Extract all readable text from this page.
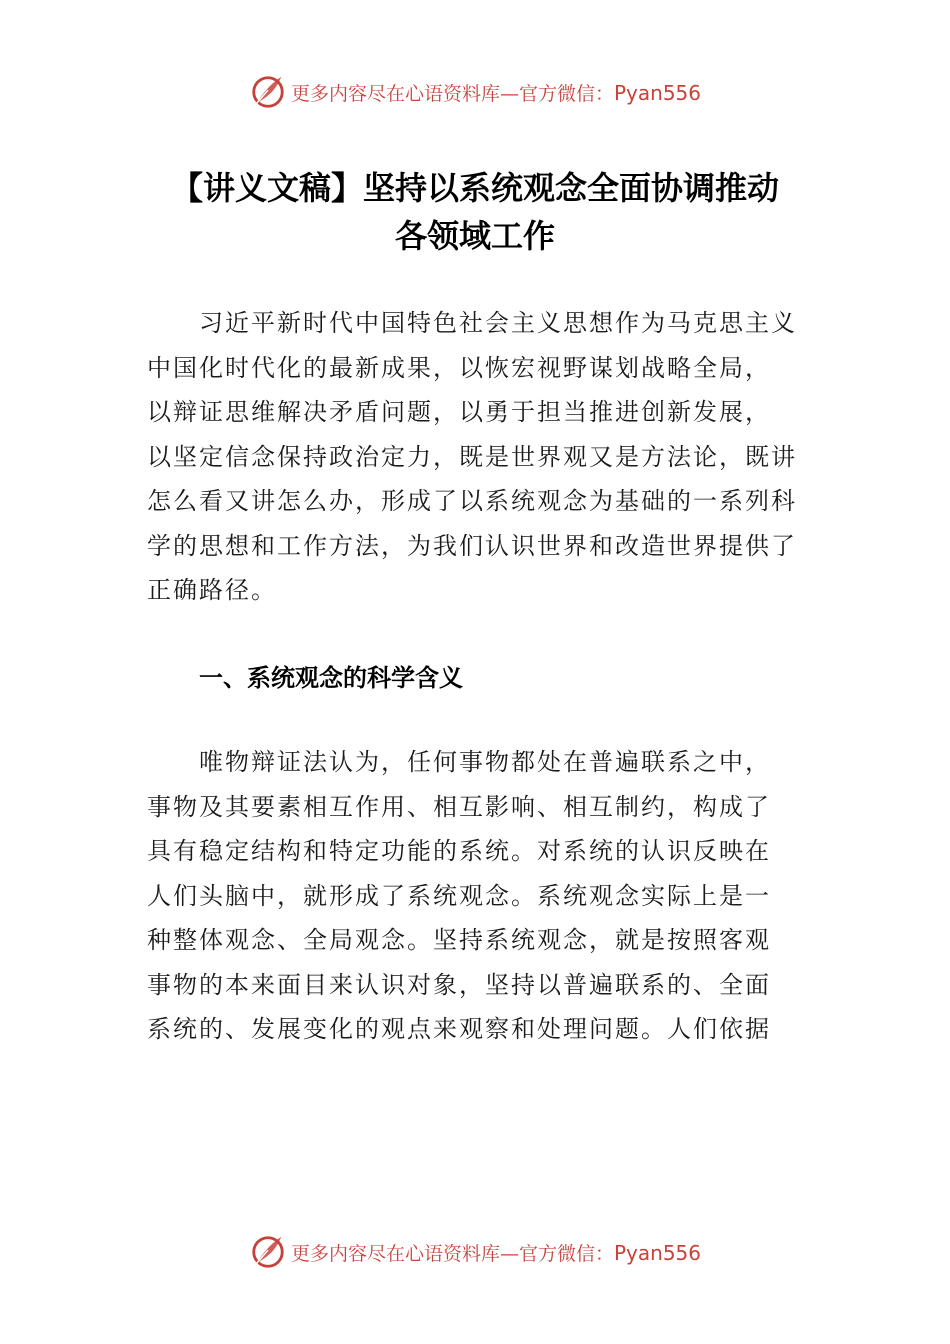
更多内容尽在心语资料库—官方微信：Pyan556
【讲义文稿】坚持以系统观念全面协调推动
各领域工作
习近平新时代中国特色社会主义思想作为马克思主义
中国化时代化的最新成果，以恢宏视野谋划战略全局，
以辩证思维解决矛盾问题，以勇于担当推进创新发展，
以坚定信念保持政治定力，既是世界观又是方法论，既讲
怎么看又讲怎么办，形成了以系统观念为基础的一系列科
学的思想和工作方法，为我们认识世界和改造世界提供了
正确路径。
一、系统观念的科学含义
唯物辩证法认为，任何事物都处在普遍联系之中，
事物及其要素相互作用、相互影响、相互制约，构成了
具有稳定结构和特定功能的系统。对系统的认识反映在
人们头脑中，就形成了系统观念。系统观念实际上是一
种整体观念、全局观念。坚持系统观念，就是按照客观
事物的本来面目来认识对象，坚持以普遍联系的、全面
系统的、发展变化的观点来观察和处理问题。人们依据
更多内容尽在心语资料库—官方微信：Pyan556
